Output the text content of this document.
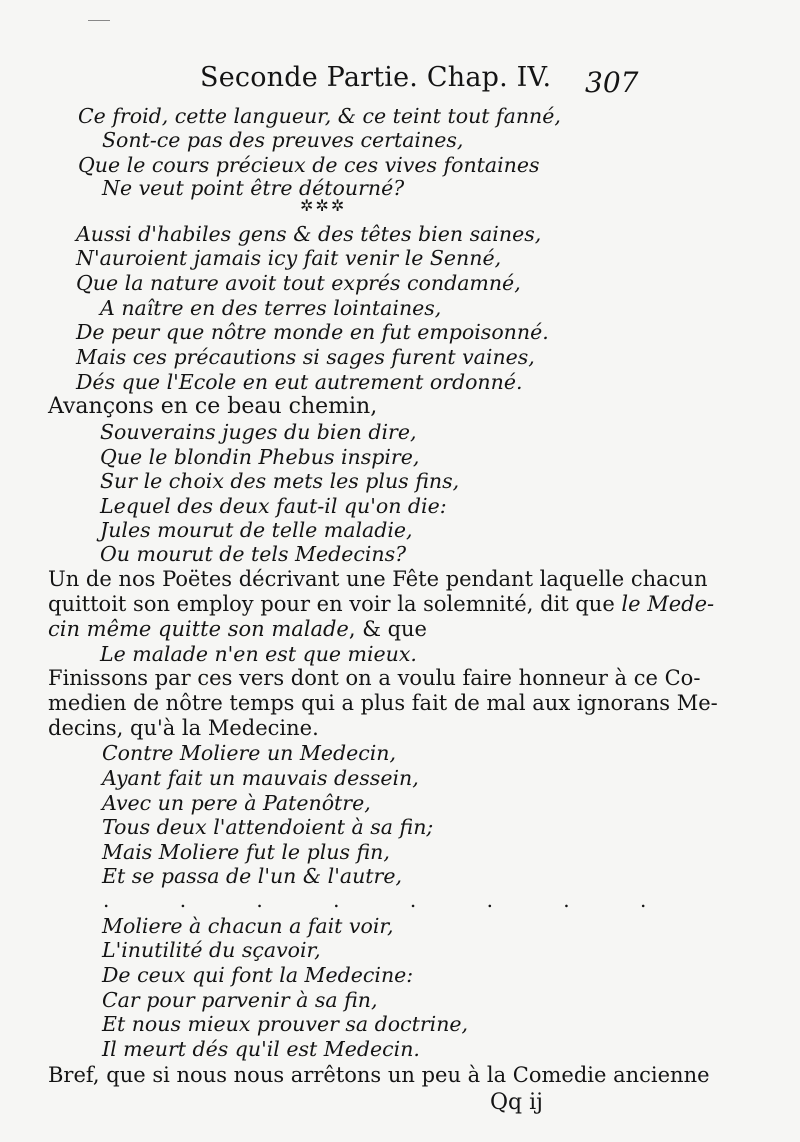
Seconde Partie. Chap. IV. 307
Ce froid, cette langueur, & ce teint tout fanné,
Sont-ce pas des preuves certaines,
Que le cours précieux de ces vives fontaines
Ne veut point être détourné?
✲✲✲
Aussi d'habiles gens & des têtes bien saines,
N'auroient jamais icy fait venir le Senné,
Que la nature avoit tout exprés condamné,
A naître en des terres lointaines,
De peur que nôtre monde en fut empoisonné.
Mais ces précautions si sages furent vaines,
Dés que l'Ecole en eut autrement ordonné.
Avançons en ce beau chemin,
Souverains juges du bien dire,
Que le blondin Phebus inspire,
Sur le choix des mets les plus fins,
Lequel des deux faut-il qu'on die:
Jules mourut de telle maladie,
Ou mourut de tels Medecins?
Un de nos Poëtes décrivant une Fête pendant laquelle chacun
quittoit son employ pour en voir la solemnité, dit que le Mede-
cin même quitte son malade, & que
Le malade n'en est que mieux.
Finissons par ces vers dont on a voulu faire honneur à ce Co-
medien de nôtre temps qui a plus fait de mal aux ignorans Me-
decins, qu'à la Medecine.
Contre Moliere un Medecin,
Ayant fait un mauvais dessein,
Avec un pere à Patenôtre,
Tous deux l'attendoient à sa fin;
Mais Moliere fut le plus fin,
Et se passa de l'un & l'autre,
. . . . . . . .
Moliere à chacun a fait voir,
L'inutilité du sçavoir,
De ceux qui font la Medecine:
Car pour parvenir à sa fin,
Et nous mieux prouver sa doctrine,
Il meurt dés qu'il est Medecin.
Bref, que si nous nous arrêtons un peu à la Comedie ancienne
Qq ij
